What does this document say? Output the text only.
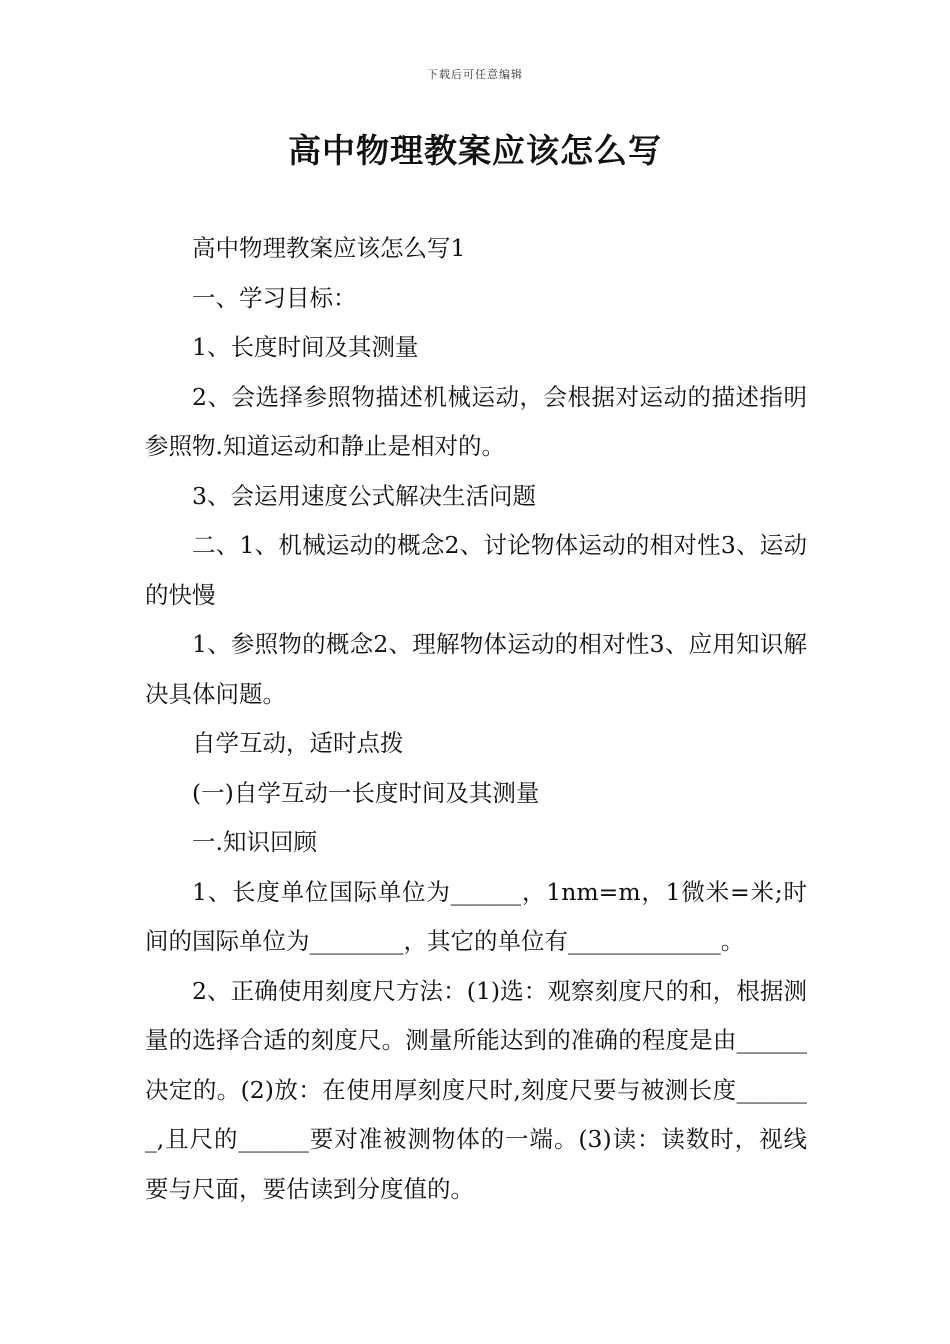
下载后可任意编辑
高中物理教案应该怎么写

高中物理教案应该怎么写1

一、学习目标：

1、长度时间及其测量

2、会选择参照物描述机械运动，会根据对运动的描述指明参照物.知道运动和静止是相对的。

3、会运用速度公式解决生活问题

二、1、机械运动的概念2、讨论物体运动的相对性3、运动的快慢

1、参照物的概念2、理解物体运动的相对性3、应用知识解决具体问题。

自学互动，适时点拨

(一)自学互动一长度时间及其测量

一.知识回顾

1、长度单位国际单位为______，1nm=m，1微米=米;时间的国际单位为________，其它的单位有_____________。

2、正确使用刻度尺方法：(1)选：观察刻度尺的和，根据测量的选择合适的刻度尺。测量所能达到的准确的程度是由______决定的。(2)放：在使用厚刻度尺时,刻度尺要与被测长度_______,且尺的______要对准被测物体的一端。(3)读：读数时，视线要与尺面，要估读到分度值的。
